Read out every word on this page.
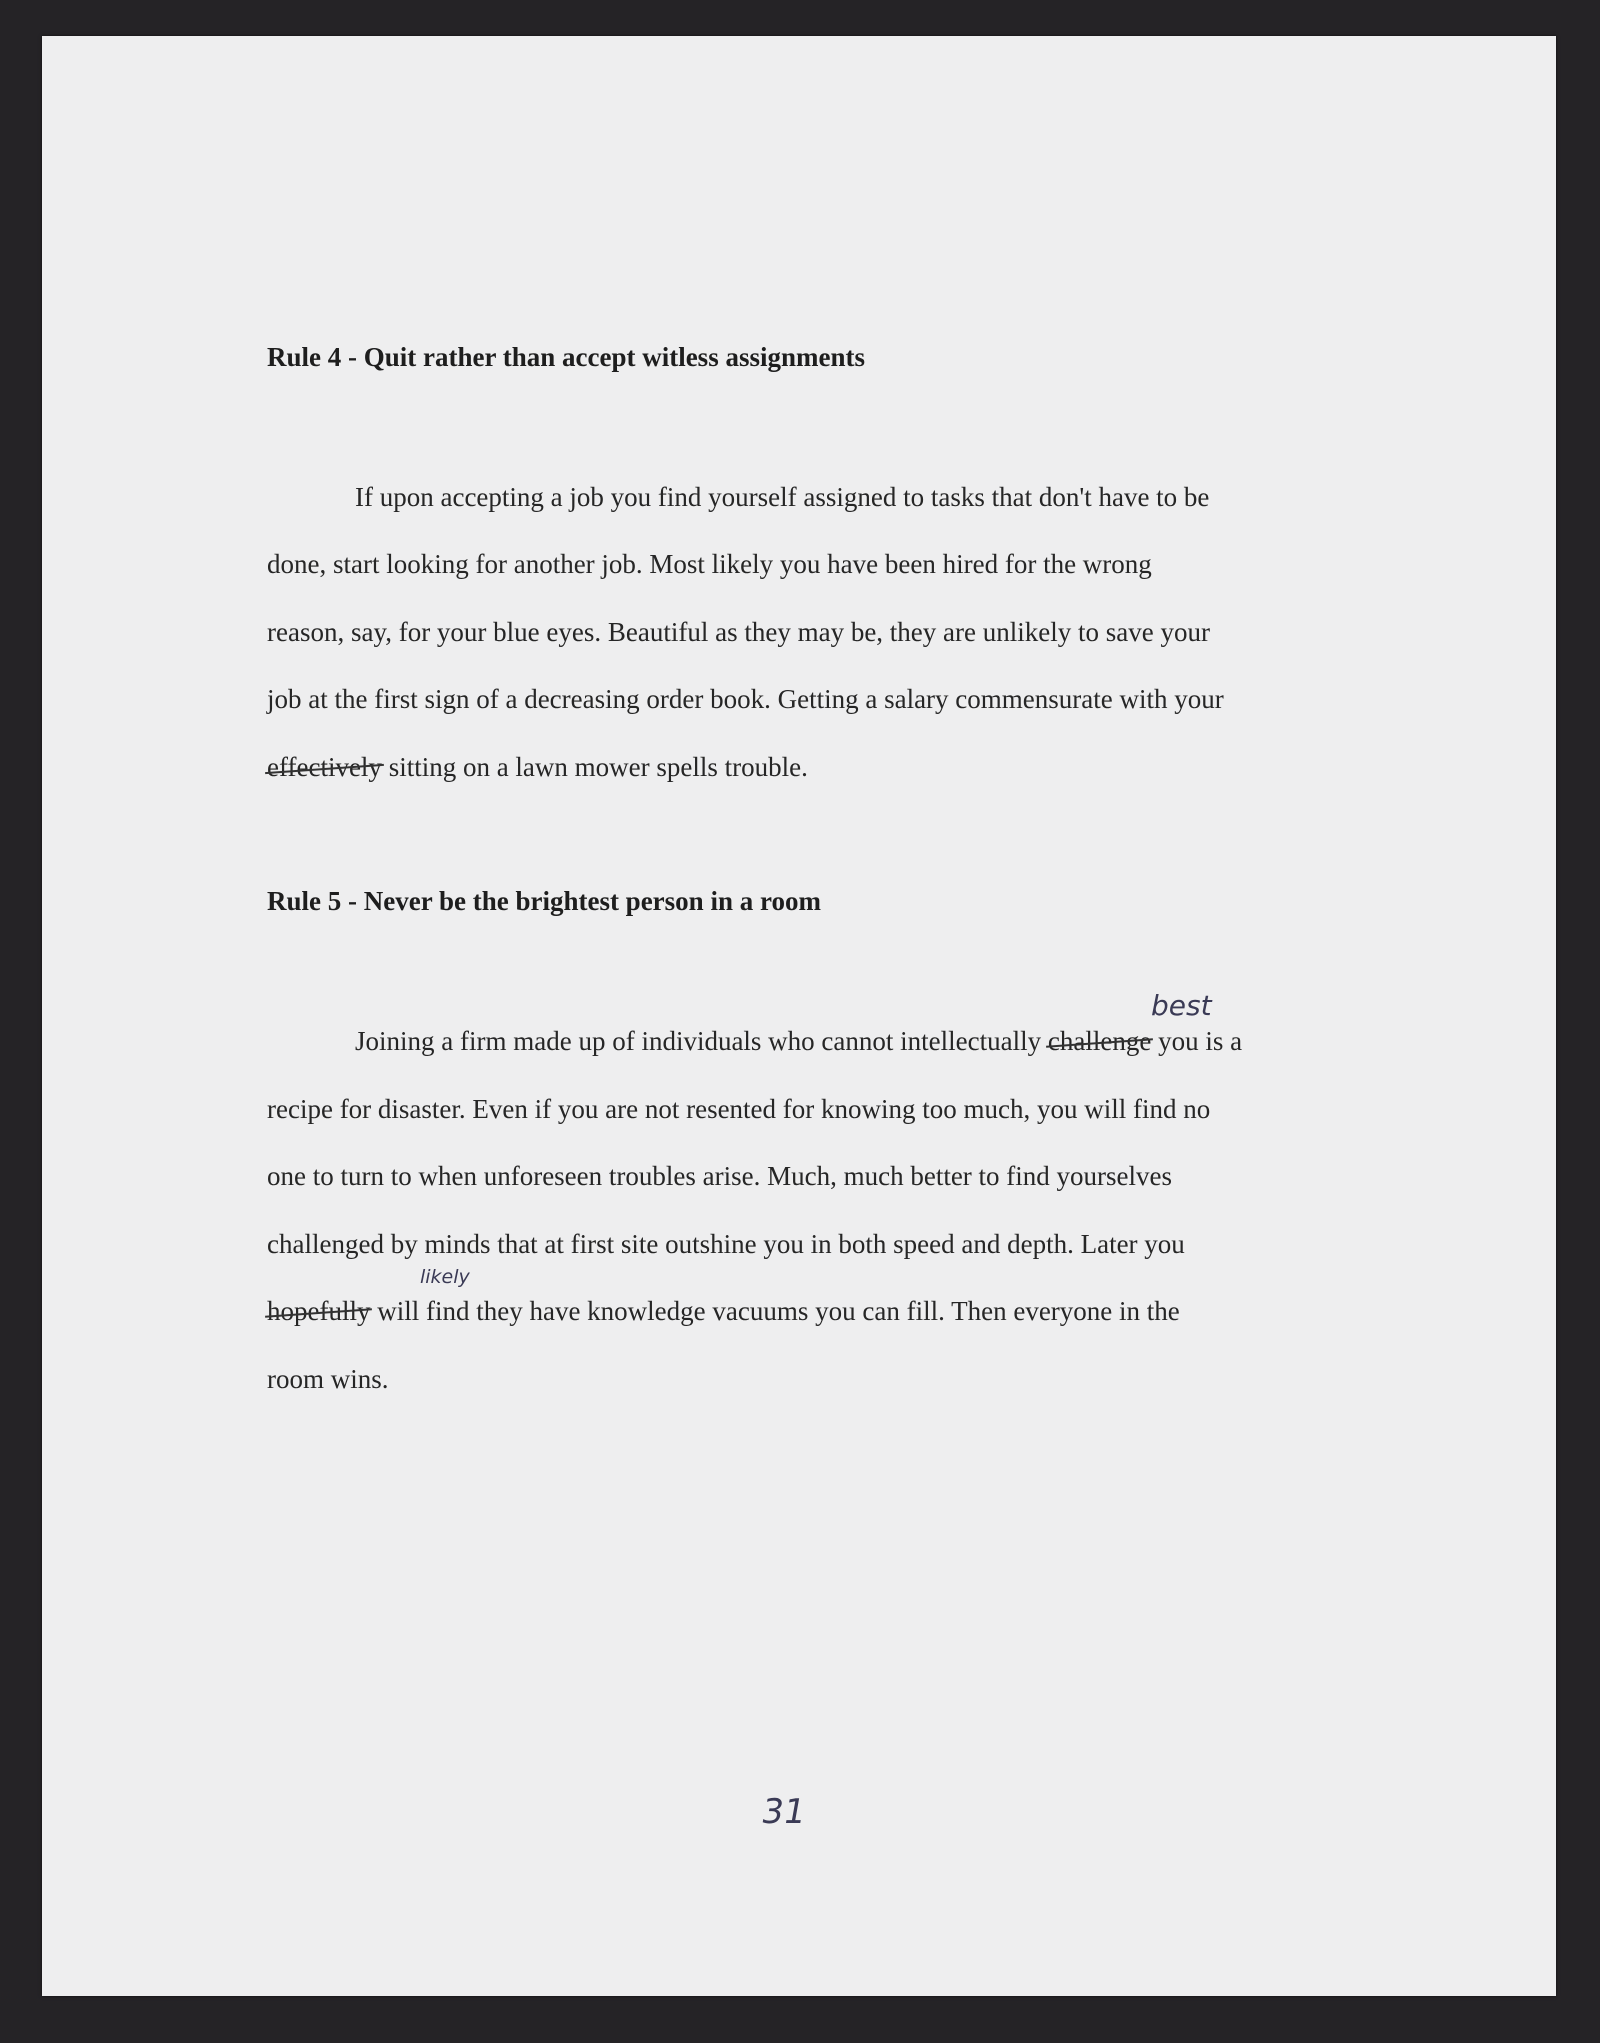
Rule 4 - Quit rather than accept witless assignments

If upon accepting a job you find yourself assigned to tasks that don't have to be

done, start looking for another job. Most likely you have been hired for the wrong

reason, say, for your blue eyes. Beautiful as they may be, they are unlikely to save your

job at the first sign of a decreasing order book. Getting a salary commensurate with your

effectively sitting on a lawn mower spells trouble.

Rule 5 - Never be the brightest person in a room
best

Joining a firm made up of individuals who cannot intellectually challenge you is a

recipe for disaster. Even if you are not resented for knowing too much, you will find no

one to turn to when unforeseen troubles arise. Much, much better to find yourselves

challenged by minds that at first site outshine you in both speed and depth. Later you

likely

hopefully will find they have knowledge vacuums you can fill. Then everyone in the

room wins.

31
